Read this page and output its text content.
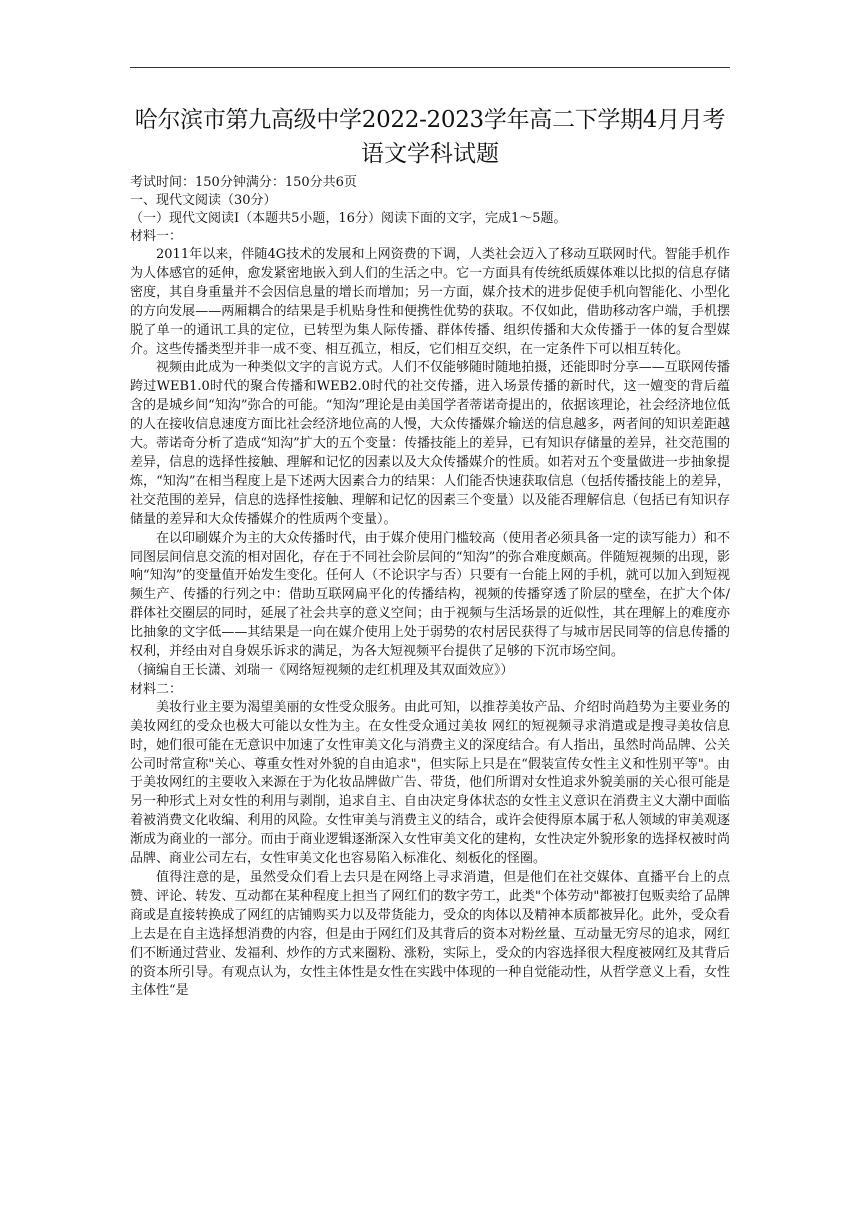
哈尔滨市第九高级中学2022-2023学年高二下学期4月月考
语文学科试题

考试时间：150分钟满分：150分共6页

一、现代文阅读（30分）

（一）现代文阅读Ⅰ（本题共5小题，16分）阅读下面的文字，完成1～5题。

材料一：

2011年以来，伴随4G技术的发展和上网资费的下调，人类社会迈入了移动互联网时代。智能手机作为人体感官的延伸，愈发紧密地嵌入到人们的生活之中。它一方面具有传统纸质媒体难以比拟的信息存储密度，其自身重量并不会因信息量的增长而增加；另一方面，媒介技术的进步促使手机向智能化、小型化的方向发展——两厢耦合的结果是手机贴身性和便携性优势的获取。不仅如此，借助移动客户端，手机摆脱了单一的通讯工具的定位，已转型为集人际传播、群体传播、组织传播和大众传播于一体的复合型媒介。这些传播类型并非一成不变、相互孤立，相反，它们相互交织，在一定条件下可以相互转化。

视频由此成为一种类似文字的言说方式。人们不仅能够随时随地拍摄，还能即时分享——互联网传播跨过WEB1.0时代的聚合传播和WEB2.0时代的社交传播，进入场景传播的新时代，这一嬗变的背后蕴含的是城乡间“知沟”弥合的可能。“知沟”理论是由美国学者蒂诺奇提出的，依据该理论，社会经济地位低的人在接收信息速度方面比社会经济地位高的人慢，大众传播媒介输送的信息越多，两者间的知识差距越大。蒂诺奇分析了造成“知沟”扩大的五个变量：传播技能上的差异，已有知识存储量的差异，社交范围的差异，信息的选择性接触、理解和记忆的因素以及大众传播媒介的性质。如若对五个变量做进一步抽象提炼，“知沟”在相当程度上是下述两大因素合力的结果：人们能否快速获取信息（包括传播技能上的差异，社交范围的差异，信息的选择性接触、理解和记忆的因素三个变量）以及能否理解信息（包括已有知识存储量的差异和大众传播媒介的性质两个变量）。

在以印刷媒介为主的大众传播时代，由于媒介使用门槛较高（使用者必须具备一定的读写能力）和不同图层间信息交流的相对固化，存在于不同社会阶层间的“知沟”的弥合难度颇高。伴随短视频的出现，影响“知沟”的变量值开始发生变化。任何人（不论识字与否）只要有一台能上网的手机，就可以加入到短视频生产、传播的行列之中：借助互联网扁平化的传播结构，视频的传播穿透了阶层的壁垒，在扩大个体/群体社交圈层的同时，延展了社会共享的意义空间；由于视频与生活场景的近似性，其在理解上的难度亦比抽象的文字低——其结果是一向在媒介使用上处于弱势的农村居民获得了与城市居民同等的信息传播的权利，并经由对自身娱乐诉求的满足，为各大短视频平台提供了足够的下沉市场空间。

（摘编自王长潇、刘瑞一《网络短视频的走红机理及其双面效应》）

材料二：

美妆行业主要为渴望美丽的女性受众服务。由此可知，以推荐美妆产品、介绍时尚趋势为主要业务的美妆网红的受众也极大可能以女性为主。在女性受众通过美妆 网红的短视频寻求消遣或是搜寻美妆信息时，她们很可能在无意识中加速了女性审美文化与消费主义的深度结合。有人指出，虽然时尚品牌、公关公司时常宣称"关心、尊重女性对外貌的自由追求"，但实际上只是在“假装宣传女性主义和性别平等"。由于美妆网红的主要收入来源在于为化妆品牌做广告、带货，他们所谓对女性追求外貌美丽的关心很可能是另一种形式上对女性的利用与剥削，追求自主、自由决定身体状态的女性主义意识在消费主义大潮中面临着被消费文化收编、利用的风险。女性审美与消费主义的结合，或许会使得原本属于私人领域的审美观逐渐成为商业的一部分。而由于商业逻辑逐渐深入女性审美文化的建构，女性决定外貌形象的选择权被时尚品牌、商业公司左右，女性审美文化也容易陷入标准化、刻板化的怪圈。

值得注意的是，虽然受众们看上去只是在网络上寻求消遣，但是他们在社交媒体、直播平台上的点赞、评论、转发、互动都在某种程度上担当了网红们的数字劳工，此类"个体劳动"都被打包贩卖给了品牌商或是直接转换成了网红的店铺购买力以及带货能力，受众的肉体以及精神本质都被异化。此外，受众看上去是在自主选择想消费的内容，但是由于网红们及其背后的资本对粉丝量、互动量无穷尽的追求，网红们不断通过营业、发福利、炒作的方式来圈粉、涨粉，实际上，受众的内容选择很大程度被网红及其背后的资本所引导。有观点认为，女性主体性是女性在实践中体现的一种自觉能动性，从哲学意义上看，女性主体性“是
